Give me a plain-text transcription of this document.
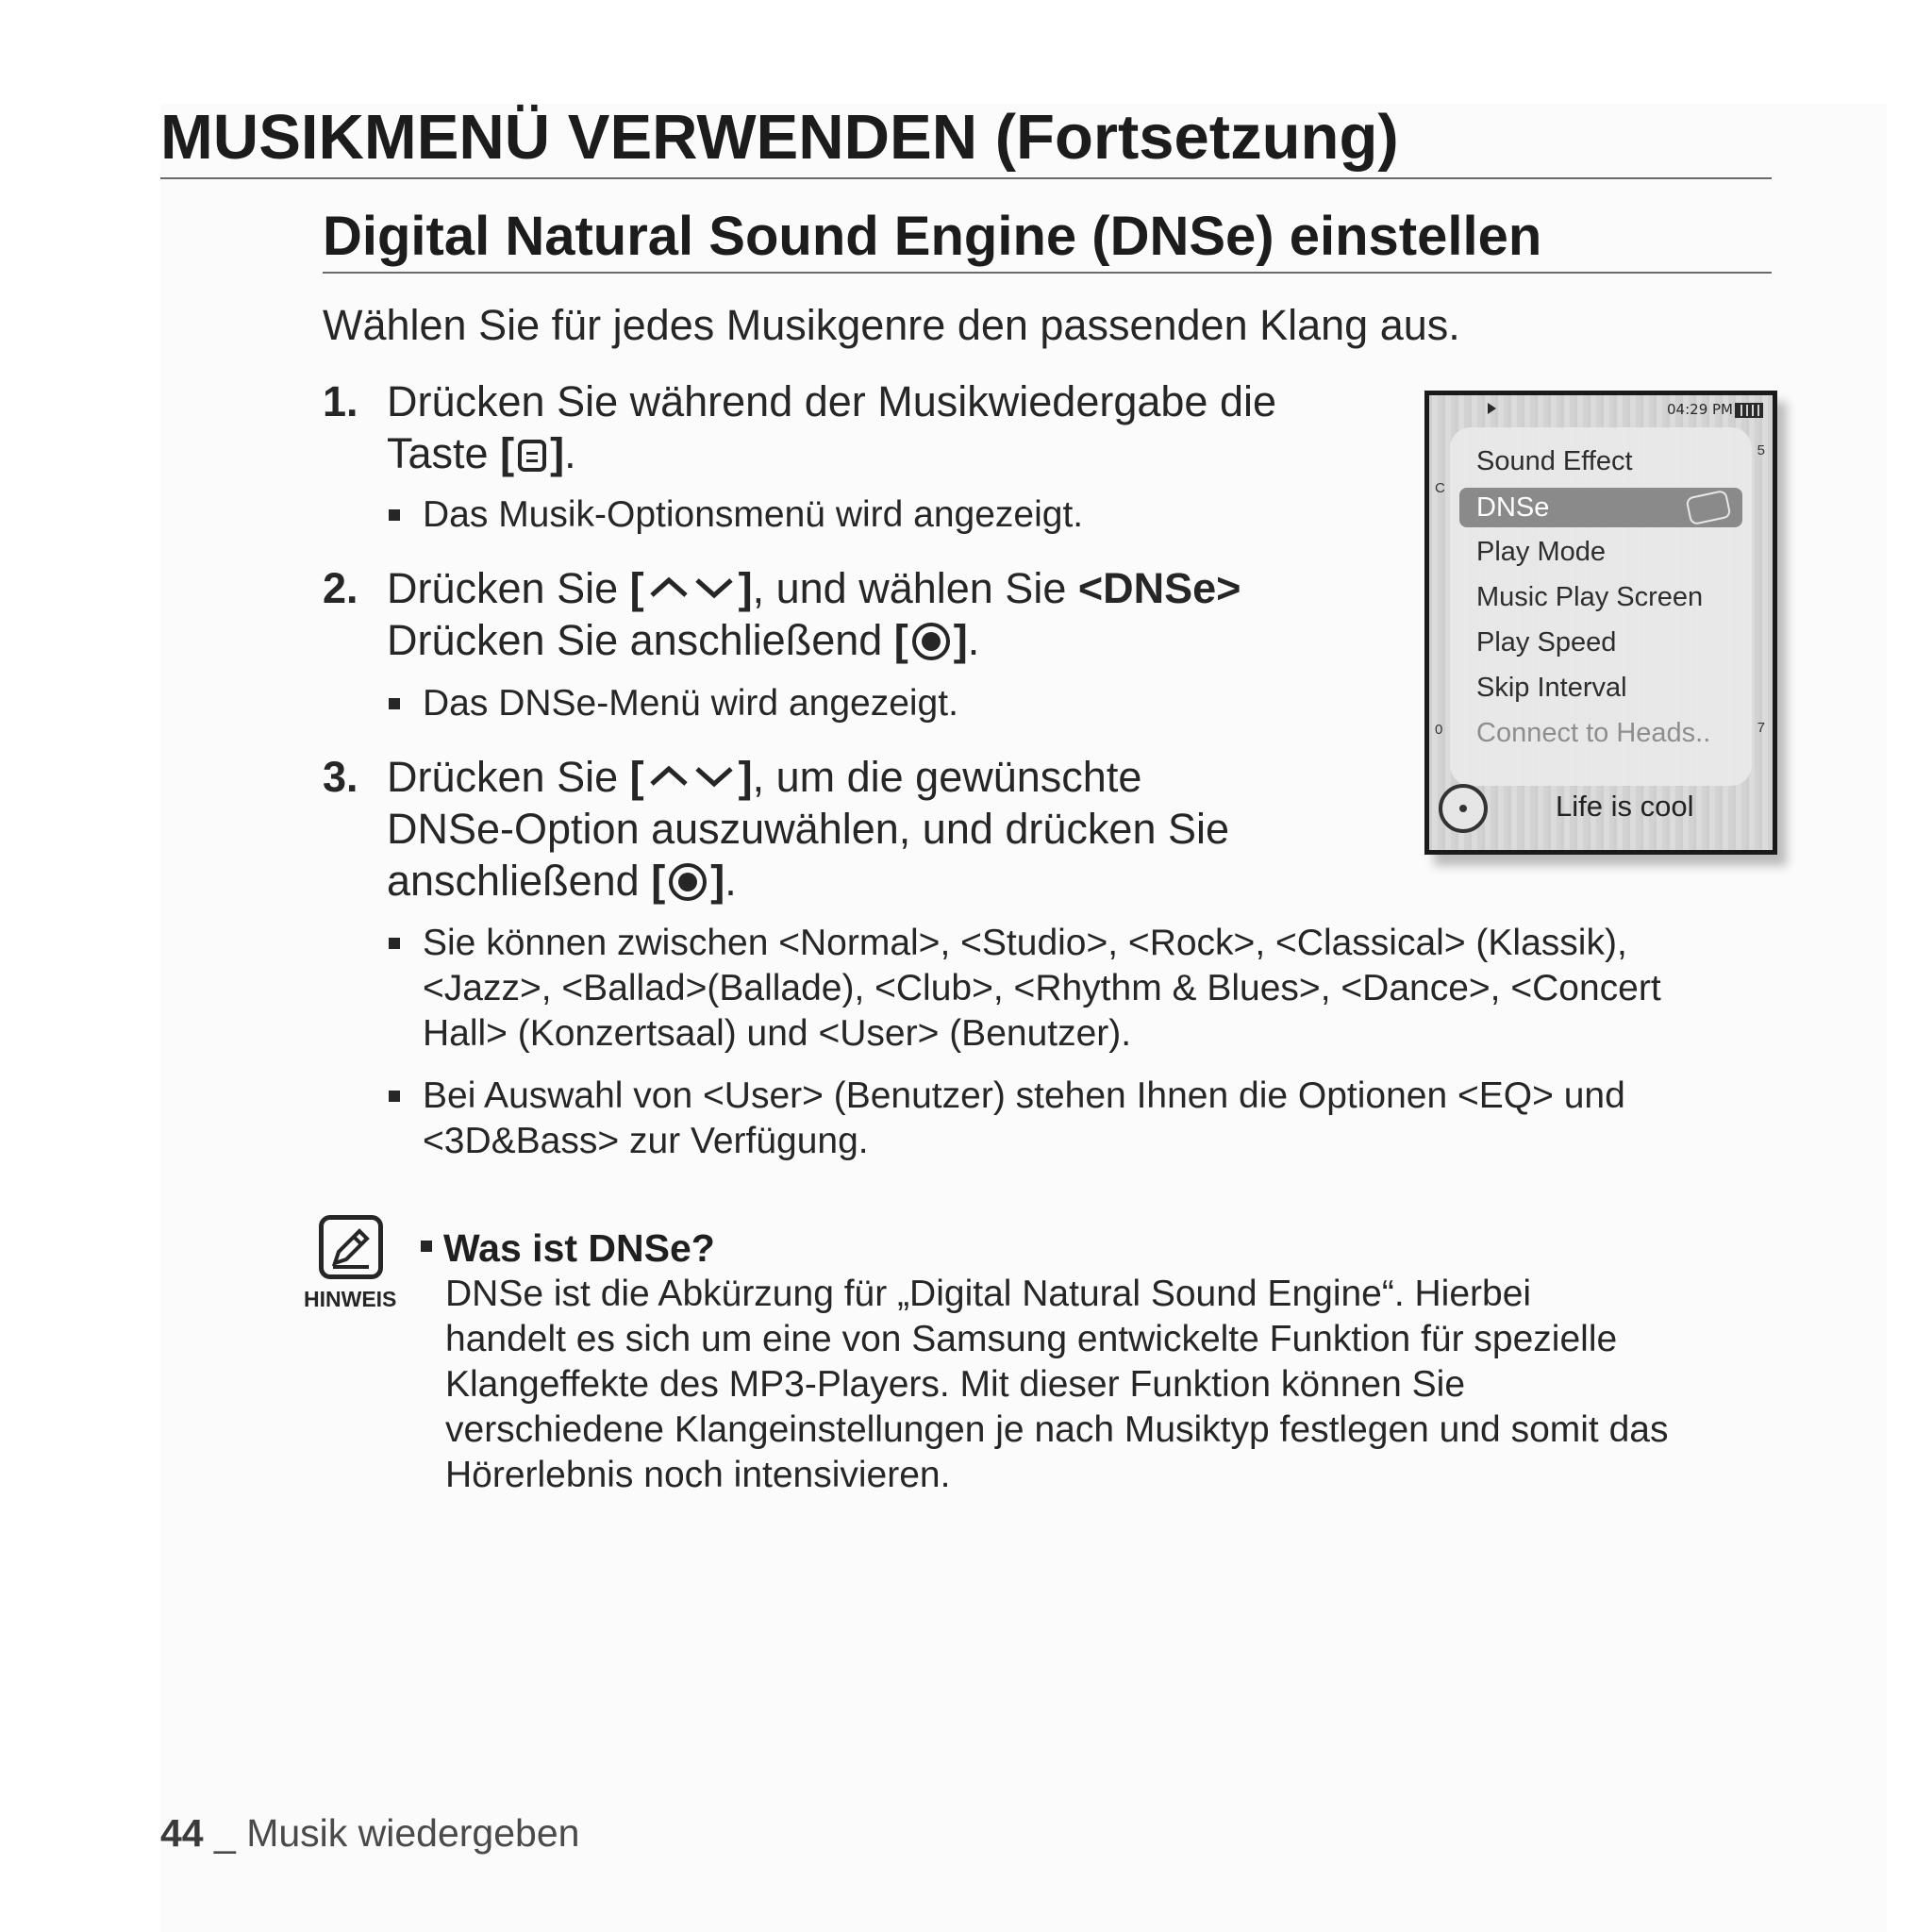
MUSIKMENÜ VERWENDEN (Fortsetzung)
Digital Natural Sound Engine (DNSe) einstellen
Wählen Sie für jedes Musikgenre den passenden Klang aus.
1. Drücken Sie während der Musikwiedergabe die
Taste [ ].
Das Musik-Optionsmenü wird angezeigt.
2. Drücken Sie [ ], und wählen Sie <DNSe>
Drücken Sie anschließend [ ].
Das DNSe-Menü wird angezeigt.
3. Drücken Sie [ ], um die gewünschte
DNSe-Option auszuwählen, und drücken Sie
anschließend [ ].
Sie können zwischen <Normal>, <Studio>, <Rock>, <Classical> (Klassik),
<Jazz>, <Ballad>(Ballade), <Club>, <Rhythm & Blues>, <Dance>, <Concert
Hall> (Konzertsaal) und <User> (Benutzer).
Bei Auswahl von <User> (Benutzer) stehen Ihnen die Optionen <EQ> und
<3D&Bass> zur Verfügung.
04:29 PM
5
7
C
0
Sound Effect
DNSe
Play Mode
Music Play Screen
Play Speed
Skip Interval
Connect to Heads..
Life is cool
HINWEIS
Was ist DNSe?
DNSe ist die Abkürzung für „Digital Natural Sound Engine“. Hierbei
handelt es sich um eine von Samsung entwickelte Funktion für spezielle
Klangeffekte des MP3-Players. Mit dieser Funktion können Sie
verschiedene Klangeinstellungen je nach Musiktyp festlegen und somit das
Hörerlebnis noch intensivieren.
44 _ Musik wiedergeben
